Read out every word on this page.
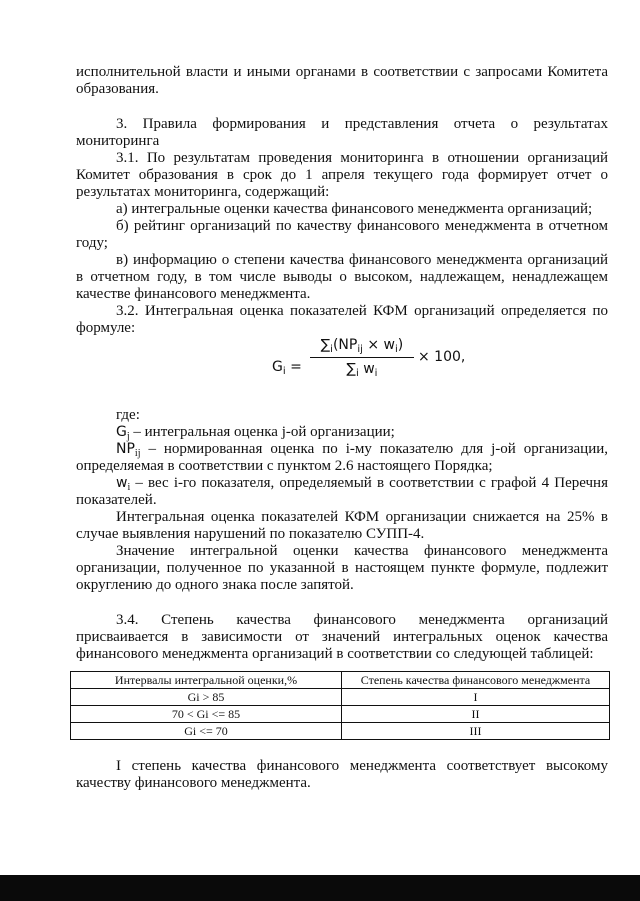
исполнительной власти и иными органами в соответствии с запросами Комитета образования.

3. Правила формирования и представления отчета о результатах мониторинга

3.1. По результатам проведения мониторинга в отношении организаций Комитет образования в срок до 1 апреля текущего года формирует отчет о результатах мониторинга, содержащий:

а) интегральные оценки качества финансового менеджмента организаций;

б) рейтинг организаций по качеству финансового менеджмента в отчетном году;

в) информацию о степени качества финансового менеджмента организаций в отчетном году, в том числе выводы о высоком, надлежащем, ненадлежащем качестве финансового менеджмента.

3.2. Интегральная оценка показателей КФМ организаций определяется по формуле:

$G_i$ =
$\sum_i(NP_{ij} \times w_i)$
$\sum_i$ $w_i$
× 100,

где:

$G_j$ – интегральная оценка j-ой организации;

$NP_{ij}$ – нормированная оценка по i-му показателю для j-ой организации, определяемая в соответствии с пунктом 2.6 настоящего Порядка;

$w_i$ – вес i-го показателя, определяемый в соответствии с графой 4 Перечня показателей.

Интегральная оценка показателей КФМ организации снижается на 25% в случае выявления нарушений по показателю СУПП-4.

Значение интегральной оценки качества финансового менеджмента организации, полученное по указанной в настоящем пункте формуле, подлежит округлению до одного знака после запятой.

3.4. Степень качества финансового менеджмента организаций присваивается в зависимости от значений интегральных оценок качества финансового менеджмента организаций в соответствии со следующей таблицей:

Интервалы интегральной оценки,%	Степень качества финансового менеджмента
Gi > 85	I
70 < Gi <= 85	II
Gi <= 70	III

I степень качества финансового менеджмента соответствует высокому качеству финансового менеджмента.
